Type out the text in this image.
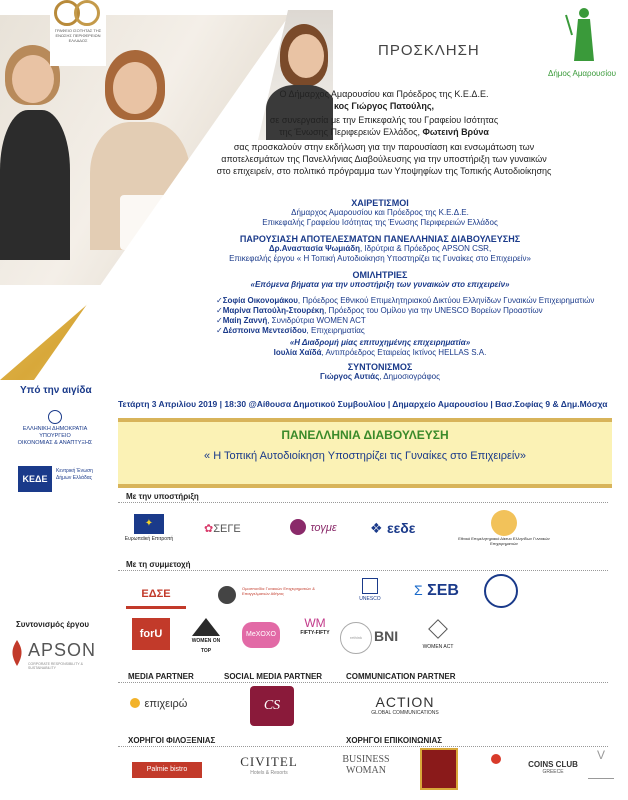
ΓΡΑΦΕΙΟ ΙΣΟΤΗΤΑΣ ΤΗΣ ΕΝΩΣΗΣ ΠΕΡΙΦΕΡΕΙΩΝ ΕΛΛΑΔΟΣ
ΠΡΟΣΚΛΗΣΗ
Δήμος Αμαρουσίου
Ο Δήμαρχος Αμαρουσίου και Πρόεδρος της Κ.Ε.Δ.Ε.
κος Γιώργος Πατούλης,
σε συνεργασία με την Επικεφαλής του Γραφείου Ισότητας
της Ένωσης Περιφερειών Ελλάδος, Φωτεινή Βρύνα
σας προσκαλούν στην εκδήλωση για την παρουσίαση και ενσωμάτωση των
αποτελεσμάτων της Πανελλήνιας Διαβούλευσης για την υποστήριξη των γυναικών
στο επιχειρείν, στο πολιτικό πρόγραμμα των Υποψηφίων της Τοπικής Αυτοδιοίκησης
ΧΑΙΡΕΤΙΣΜΟΙ
Δήμαρχος Αμαρουσίου και Πρόεδρος της Κ.Ε.Δ.Ε.
Επικεφαλής Γραφείου Ισότητας της Ένωσης Περιφερειών Ελλάδος
ΠΑΡΟΥΣΙΑΣΗ ΑΠΟΤΕΛΕΣΜΑΤΩΝ ΠΑΝΕΛΛΗΝΙΑΣ ΔΙΑΒΟΥΛΕΥΣΗΣ
Δρ.Αναστασία Ψωμιάδη, Ιδρύτρια & Πρόεδρος APSON CSR,
Επικεφαλής έργου « Η Τοπική Αυτοδιοίκηση Υποστηρίζει τις Γυναίκες στο Επιχειρείν»
ΟΜΙΛΗΤΡΙΕΣ
«Επόμενα βήματα για την υποστήριξη των γυναικών στο επιχειρείν»
✓Σοφία Οικονομάκου, Πρόεδρος Εθνικού Επιμελητηριακού Δικτύου Ελληνίδων Γυναικών Επιχειρηματιών
✓Μαρίνα Πατούλη-Στουρέκη, Πρόεδρος του Ομίλου για την UNESCO Βορείων Προαστίων
✓Μαίη Ζαννή, Συνιδρύτρια WOMEN ACT
✓Δέσποινα Μεντεσίδου, Επιχειρηματίας
«Η Διαδρομή μίας επιτυχημένης επιχειρηματία»
Ιουλία Χαϊδά, Αντιπρόεδρος Εταιρείας Ικτίνος HELLAS S.A.
ΣΥΝΤΟΝΙΣΜΟΣ
Γιώργος Αυτιάς, Δημοσιογράφος
Τετάρτη 3 Απριλίου 2019 | 18:30 @Αίθουσα Δημοτικού Συμβουλίου | Δημαρχείο Αμαρουσίου | Βασ.Σοφίας 9 & Δημ.Μόσχα
ΠΑΝΕΛΛΗΝΙΑ ΔΙΑΒΟΥΛΕΥΣΗ
« Η Τοπική Αυτοδιοίκηση Υποστηρίζει τις Γυναίκες στο Επιχειρείν»
Υπό την αιγίδα
ΕΛΛΗΝΙΚΗ ΔΗΜΟΚΡΑΤΙΑ
ΥΠΟΥΡΓΕΙΟ
ΟΙΚΟΝΟΜΙΑΣ & ΑΝΑΠΤΥΞΗΣ
ΚΕΔΕ
Κεντρική Ένωση
Δήμων Ελλάδας
Συντονισμός έργου
APSON
CORPORATE RESPONSIBILITY & SUSTAINABILITY
Με την υποστήριξη
✦
Ευρωπαϊκή Επιτροπή
✿ΣΕΓΕ	τογμε	❖ εεδε
Εθνικό Επιμελητηριακό Δίκτυο Ελληνίδων Γυναικών Επιχειρηματιών
Με τη συμμετοχή
ΕΔΣΕ	Ομοσπονδία Γυναικών Επιχειρηματιών & Επαγγελματιών Αθήνας
UNESCO
Σ ΣΕΒ
forU
WOMEN ON TOP
MeXOXO
WM
FIFTY-FIFTY
rethink BNI
WOMEN ACT
MEDIA PARTNER	SOCIAL MEDIA PARTNER	COMMUNICATION PARTNER
επιχειρώ	CS	ACTION
GLOBAL COMMUNICATIONS
ΧΟΡΗΓΟΙ ΦΙΛΟΞΕΝΙΑΣ	ΧΟΡΗΓΟΙ ΕΠΙΚΟΙΝΩΝΙΑΣ
Palmie bistro
CIVITEL
Hotels & Resorts
BUSINESS
WOMAN
COINS CLUB
GREECE
V
